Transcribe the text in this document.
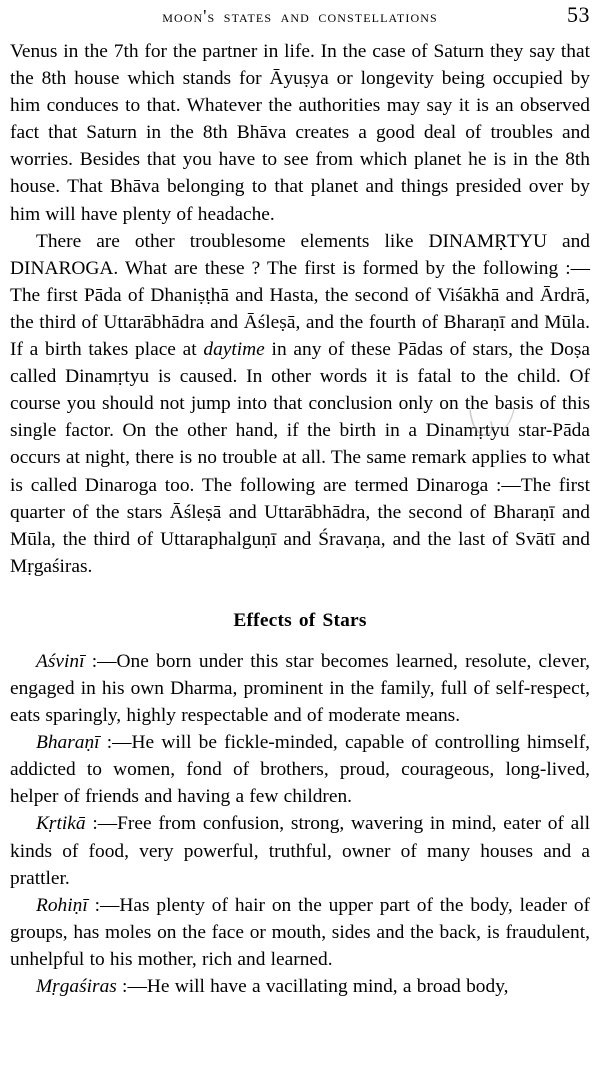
moon's states and constellations	53

Venus in the 7th for the partner in life. In the case of Saturn they say that the 8th house which stands for Āyuṣya or longevity being occupied by him conduces to that. Whatever the authorities may say it is an observed fact that Saturn in the 8th Bhāva creates a good deal of troubles and worries. Besides that you have to see from which planet he is in the 8th house. That Bhāva belonging to that planet and things presided over by him will have plenty of headache.

There are other troublesome elements like DINAMṚTYU and DINAROGA. What are these ? The first is formed by the following :— The first Pāda of Dhaniṣṭhā and Hasta, the second of Viśākhā and Ārdrā, the third of Uttarābhādra and Āśleṣā, and the fourth of Bharaṇī and Mūla. If a birth takes place at daytime in any of these Pādas of stars, the Doṣa called Dinamṛtyu is caused. In other words it is fatal to the child. Of course you should not jump into that conclusion only on the basis of this single factor. On the other hand, if the birth in a Dinamṛtyu star-Pāda occurs at night, there is no trouble at all. The same remark applies to what is called Dinaroga too. The following are termed Dinaroga :—The first quarter of the stars Āśleṣā and Uttarābhādra, the second of Bharaṇī and Mūla, the third of Uttaraphalguṇī and Śravaṇa, and the last of Svātī and Mṛgaśiras.

Effects of Stars

Aśvinī :—One born under this star becomes learned, resolute, clever, engaged in his own Dharma, prominent in the family, full of self-respect, eats sparingly, highly respectable and of moderate means.

Bharaṇī :—He will be fickle-minded, capable of controlling himself, addicted to women, fond of brothers, proud, courageous, long-lived, helper of friends and having a few children.

Kṛtikā :—Free from confusion, strong, wavering in mind, eater of all kinds of food, very powerful, truthful, owner of many houses and a prattler.

Rohiṇī :—Has plenty of hair on the upper part of the body, leader of groups, has moles on the face or mouth, sides and the back, is fraudulent, unhelpful to his mother, rich and learned.

Mṛgaśiras :—He will have a vacillating mind, a broad body,
